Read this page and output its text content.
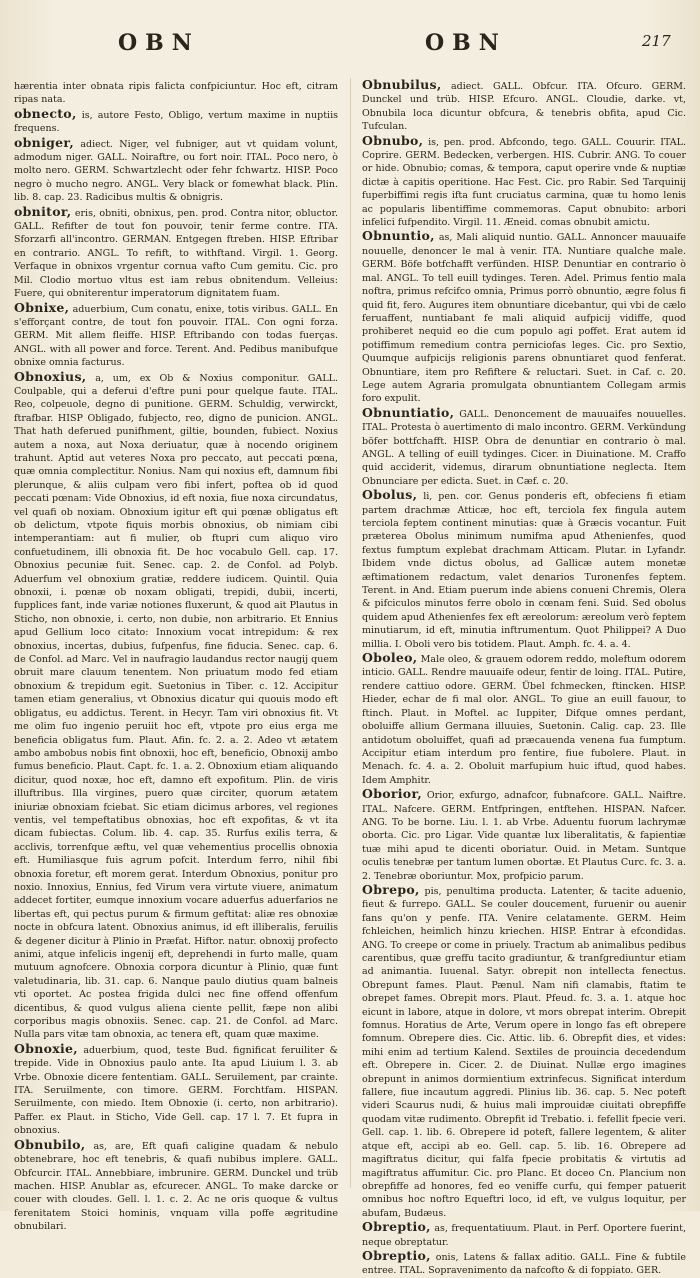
OBN	OBN	217

hærentia inter obnata ripis falicta confpiciuntur. Hoc eft, citram ripas nata.

obnecto, is, autore Festo, Obligo, vertum maxime in nuptiis frequens.

obniger, adiect. Niger, vel fubniger, aut vt quidam volunt, admodum niger. GALL. Noiraftre, ou fort noir. ITAL. Poco nero, ò molto nero. GERM. Schwartzlecht oder fehr fchwartz. HISP. Poco negro ò mucho negro. ANGL. Very black or fomewhat black. Plin. lib. 8. cap. 23. Radicibus multis & obnigris.

obnitor, eris, obniti, obnixus, pen. prod. Contra nitor, obluctor. GALL. Refifter de tout fon pouvoir, tenir ferme contre. ITA. Sforzarfi all'incontro. GERMAN. Entgegen ftreben. HISP. Eftribar en contrario. ANGL. To refift, to withftand. Virgil. 1. Georg. Verfaque in obnixos vrgentur cornua vafto Cum gemitu. Cic. pro Mil. Clodio mortuo vltus est iam rebus obnitendum. Velleius: Fuere, qui obniterentur imperatorum dignitatem fuam.

Obnixe, aduerbium, Cum conatu, enixe, totis viribus. GALL. En s'efforçant contre, de tout fon pouvoir. ITAL. Con ogni forza. GERM. Mit allem fleiffe. HISP. Eftribando con todas fuerças. ANGL. with all power and force. Terent. And. Pedibus manibufque obnixe omnia facturus.

Obnoxius, a, um, ex Ob & Noxius componitur. GALL. Coulpable, qui a deferui d'eftre puni pour quelque faute. ITAL. Reo, colpeuole, degno di punitione. GERM. Schuldig, verwirckt, ftrafbar. HISP Obligado, fubjecto, reo, digno de punicion. ANGL. That hath deferued punifhment, giltie, bounden, fubiect. Noxius autem a noxa, aut Noxa deriuatur, quæ à nocendo originem trahunt. Aptid aut veteres Noxa pro peccato, aut peccati pœna, quæ omnia complectitur. Nonius. Nam qui noxius eft, damnum fibi plerunque, & aliis culpam vero fibi infert, poftea ob id quod peccati pœnam: Vide Obnoxius, id eft noxia, fiue noxa circundatus, vel quafi ob noxiam. Obnoxium igitur eft qui pœnæ obligatus eft ob delictum, vtpote fiquis morbis obnoxius, ob nimiam cibi intemperantiam: aut fi mulier, ob ftupri cum aliquo viro confuetudinem, illi obnoxia fit. De hoc vocabulo Gell. cap. 17. Obnoxius pecuniæ fuit. Senec. cap. 2. de Confol. ad Polyb. Aduerfum vel obnoxium gratiæ, reddere iudicem. Quintil. Quia obnoxii, i. pœnæ ob noxam obligati, trepidi, dubii, incerti, fupplices fant, inde variæ notiones fluxerunt, & quod ait Plautus in Sticho, non obnoxie, i. certo, non dubie, non arbitrario. Et Ennius apud Gellium loco citato: Innoxium vocat intrepidum: & rex obnoxius, incertas, dubius, fufpenfus, fine fiducia. Senec. cap. 6. de Confol. ad Marc. Vel in naufragio laudandus rector naugij quem obruit mare clauum tenentem. Non priuatum modo fed etiam obnoxium & trepidum egit. Suetonius in Tiber. c. 12. Accipitur tamen etiam generalius, vt Obnoxius dicatur qui quouis modo eft obligatus, eu addictus. Terent. in Hecyr. Tam viri obnoxius fit. Vt me olim fuo ingenio peruiit hoc eft, vtpote pro eius erga me beneficia obligatus fum. Plaut. Afin. fc. 2. a. 2. Adeo vt ætatem ambo ambobus nobis fint obnoxii, hoc eft, beneficio, Obnoxij ambo fumus beneficio. Plaut. Capt. fc. 1. a. 2. Obnoxium etiam aliquando dicitur, quod noxæ, hoc eft, damno eft expofitum. Plin. de viris illuftribus. Illa virgines, puero quæ circiter, quorum ætatem iniuriæ obnoxiam fciebat. Sic etiam dicimus arbores, vel regiones ventis, vel tempeftatibus obnoxias, hoc eft expofitas, & vt ita dicam fubiectas. Colum. lib. 4. cap. 35. Rurfus exilis terra, & acclivis, torrenfque æftu, vel quæ vehementius procellis obnoxia eft. Humiliasque fuis agrum pofcit. Interdum ferro, nihil fibi obnoxia foretur, eft morem gerat. Interdum Obnoxius, ponitur pro noxio. Innoxius, Ennius, fed Virum vera virtute viuere, animatum addecet fortiter, eumque innoxium vocare aduerfus aduerfarios ne libertas eft, qui pectus purum & firmum geftitat: aliæ res obnoxiæ nocte in obfcura latent. Obnoxius animus, id eft illiberalis, feruilis & degener dicitur à Plinio in Præfat. Hiftor. natur. obnoxij profecto animi, atque infelicis ingenij eft, deprehendi in furto malle, quam mutuum agnofcere. Obnoxia corpora dicuntur à Plinio, quæ funt valetudinaria, lib. 31. cap. 6. Nanque paulo diutius quam balneis vti oportet. Ac postea frigida dulci nec fine offend offenfum dicentibus, & quod vulgus aliena ciente pellit, fæpe non alibi corporibus magis obnoxiis. Senec. cap. 21. de Confol. ad Marc. Nulla pars vitæ tam obnoxia, ac tenera eft, quam quæ maxime.

Obnoxie, aduerbium, quod, teste Bud. fignificat feruiliter & trepide. Vide in Obnoxius paulo ante. Ita apud Liuium l. 3. ab Vrbe. Obnoxie dicere fententiam. GALL. Seruilement, par crainte. ITA. Seruilmente, con timore. GERM. Forchtfam. HISPAN. Seruilmente, con miedo. Item Obnoxie (i. certo, non arbitrario). Paffer. ex Plaut. in Sticho, Vide Gell. cap. 17 l. 7. Et fupra in obnoxius.

Obnubilo, as, are, Eft quafi caligine quadam & nebulo obtenebrare, hoc eft tenebris, & quafi nubibus implere. GALL. Obfcurcir. ITAL. Annebbiare, imbrunire. GERM. Dunckel und trüb machen. HISP. Anublar as, efcurecer. ANGL. To make darcke or couer with cloudes. Gell. l. 1. c. 2. Ac ne oris quoque & vultus ferenitatem Stoici hominis, vnquam villa poffe ægritudine obnubilari.

Obnubilus, adiect. GALL. Obfcur. ITA. Ofcuro. GERM. Dunckel und trüb. HISP. Efcuro. ANGL. Cloudie, darke. vt, Obnubila loca dicuntur obfcura, & tenebris obfita, apud Cic. Tufculan.

Obnubo, is, pen. prod. Abfcondo, tego. GALL. Couurir. ITAL. Coprire. GERM. Bedecken, verbergen. HIS. Cubrir. ANG. To couer or hide. Obnubio; comas, & tempora, caput operire vnde & nuptiæ dictæ à capitis operitione. Hac Fest. Cic. pro Rabir. Sed Tarquinij fuperbiffimi regis ifta funt cruciatus carmina, quæ tu homo lenis ac popularis libentiffime commemoras. Caput obnubito: arbori infelici fufpendito. Virgil. 11. Æneid. comas obnubit amictu.

Obnuntio, as, Mali aliquid nuntio. GALL. Annoncer mauuaife nouuelle, denoncer le mal à venir. ITA. Nuntiare qualche male. GERM. Böfe botfchafft verfünden. HISP. Denuntiar en contrario ò mal. ANGL. To tell euill tydinges. Teren. Adel. Primus fentio mala noftra, primus refcifco omnia, Primus porrò obnuntio, ægre folus fi quid fit, fero. Augures item obnuntiare dicebantur, qui vbi de cælo feruaffent, nuntiabant fe mali aliquid aufpicij vidiffe, quod prohiberet nequid eo die cum populo agi poffet. Erat autem id potiffimum remedium contra perniciofas leges. Cic. pro Sextio, Quumque aufpicijs religionis parens obnuntiaret quod fenferat. Obnuntiare, item pro Refiftere & reluctari. Suet. in Caf. c. 20. Lege autem Agraria promulgata obnuntiantem Collegam armis foro expulit.

Obnuntiatio, GALL. Denoncement de mauuaifes nouuelles. ITAL. Protesta ò auertimento di malo incontro. GERM. Verkündung böfer bottfchafft. HISP. Obra de denuntiar en contrario ò mal. ANGL. A telling of euill tydinges. Cicer. in Diuinatione. M. Craffo quid acciderit, videmus, dirarum obnuntiatione neglecta. Item Obnunciare per edicta. Suet. in Cæf. c. 20.

Obolus, li, pen. cor. Genus ponderis eft, obfeciens fi etiam partem drachmæ Atticæ, hoc eft, terciola fex fingula autem terciola feptem continent minutias: quæ à Græcis vocantur. Fuit præterea Obolus minimum numifma apud Athenienfes, quod fextus fumptum explebat drachmam Atticam. Plutar. in Lyfandr. Ibidem vnde dictus obolus, ad Gallicæ autem monetæ æftimationem redactum, valet denarios Turonenfes feptem. Terent. in And. Etiam puerum inde abiens conueni Chremis, Olera & pifciculos minutos ferre obolo in cœnam feni. Suid. Sed obolus quidem apud Athenienfes fex eft æreolorum: æreolum verò feptem minutiarum, id eft, minutia inftrumentum. Quot Philippei? A Duo millia. I. Oboli vero bis totidem. Plaut. Amph. fc. 4. a. 4.

Oboleo, Male oleo, & grauem odorem reddo, moleftum odorem inticio. GALL. Rendre mauuaife odeur, fentir de loing. ITAL. Putire, rendere cattiuo odore. GERM. Übel fchmecken, ftincken. HISP. Hieder, echar de fi mal olor. ANGL. To giue an euill fauour, to ftinch. Plaut. in Moftel. ac Iuppiter, Difque omnes perdant, oboluiffe allium Germana illuuies, Suetonin. Calig. cap. 23. Ille antidotum oboluiffet, quafi ad præcauenda venena fua fumptum. Accipitur etiam interdum pro fentire, fiue fubolere. Plaut. in Menach. fc. 4. a. 2. Oboluit marfupium huic iftud, quod habes. Idem Amphitr.

Oborior, Orior, exfurgo, adnafcor, fubnafcore. GALL. Naiftre. ITAL. Nafcere. GERM. Entfpringen, entftehen. HISPAN. Nafcer. ANG. To be borne. Liu. l. 1. ab Vrbe. Aduentu fuorum lachrymæ oborta. Cic. pro Ligar. Vide quantæ lux liberalitatis, & fapientiæ tuæ mihi apud te dicenti oboriatur. Ouid. in Metam. Suntque oculis tenebræ per tantum lumen obortæ. Et Plautus Curc. fc. 3. a. 2. Tenebræ oboriuntur. Mox, profpicio parum.

Obrepo, pis, penultima producta. Latenter, & tacite aduenio, fieut & furrepo. GALL. Se couler doucement, furuenir ou auenir fans qu'on y penfe. ITA. Venire celatamente. GERM. Heim fchleichen, heimlich hinzu kriechen. HISP. Entrar à efcondidas. ANG. To creepe or come in priuely. Tractum ab animalibus pedibus carentibus, quæ greffu tacito gradiuntur, & tranfgrediuntur etiam ad animantia. Iuuenal. Satyr. obrepit non intellecta fenectus. Obrepunt fames. Plaut. Pænul. Nam nifi clamabis, ftatim te obrepet fames. Obrepit mors. Plaut. Pfeud. fc. 3. a. 1. atque hoc eicunt in labore, atque in dolore, vt mors obrepat interim. Obrepit fomnus. Horatius de Arte, Verum opere in longo fas eft obrepere fomnum. Obrepere dies. Cic. Attic. lib. 6. Obrepfit dies, et vides: mihi enim ad tertium Kalend. Sextiles de prouincia decedendum eft. Obrepere in. Cicer. 2. de Diuinat. Nullæ ergo imagines obrepunt in animos dormientium extrinfecus. Significat interdum fallere, fiue incautum aggredi. Plinius lib. 36. cap. 5. Nec poteft videri Scaurus nudi, & huius mali improuidæ ciuitati obrepfiffe quodam vitæ rudimento. Obrepfit id Trebatio. i. fefellit fpecie veri. Gell. cap. 1. lib. 6. Obrepere id poteft, fallere legentem, & aliter atque eft, accipi ab eo. Gell. cap. 5. lib. 16. Obrepere ad magiftratus dicitur, qui falfa fpecie probitatis & virtutis ad magiftratus affumitur. Cic. pro Planc. Et doceo Cn. Plancium non obrepfiffe ad honores, fed eo veniffe curfu, qui femper patuerit omnibus hoc noftro Equeftri loco, id eft, ve vulgus loquitur, per abufam, Budæus.

Obreptio, as, frequentatiuum. Plaut. in Perf. Oportere fuerint, neque obreptatur.

Obreptio, onis, Latens & fallax aditio. GALL. Fine & fubtile entree. ITAL. Sopravenimento da nafcofto & di foppiato. GER.
